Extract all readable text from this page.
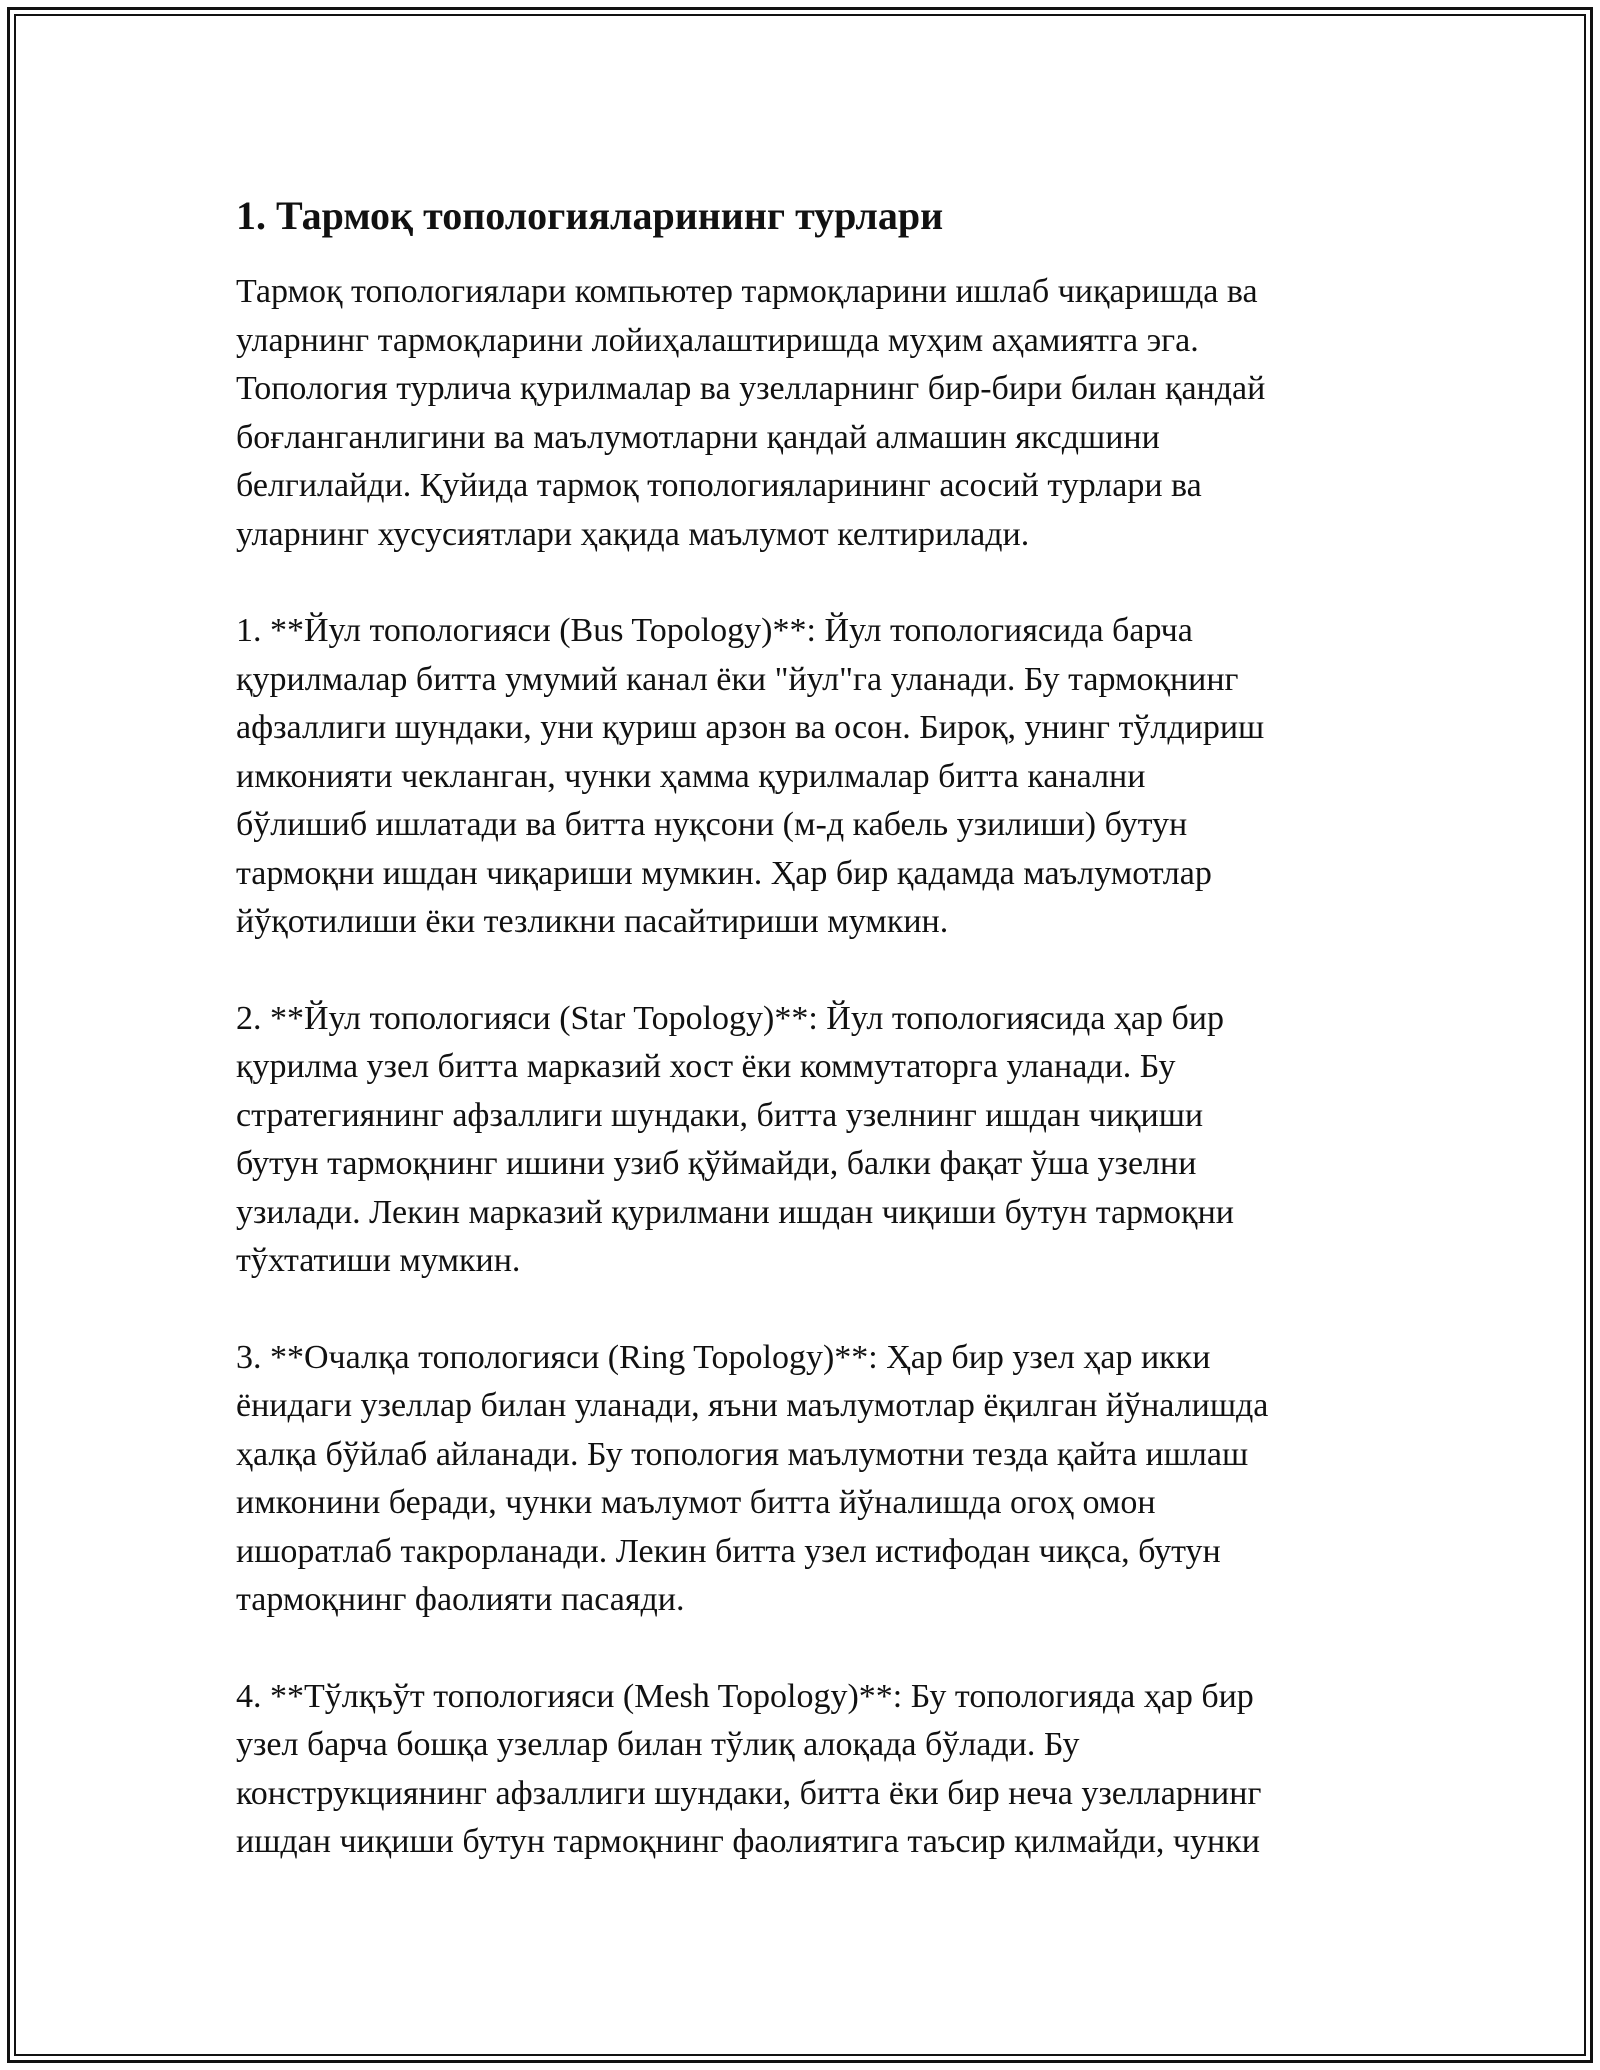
1. Тармоқ топологияларининг турлари

Тармоқ топологиялари компьютер тармоқларини ишлаб чиқаришда ва
уларнинг тармоқларини лойиҳалаштиришда муҳим аҳамиятга эга.
Топология турлича қурилмалар ва узелларнинг бир-бири билан қандай
боғланганлигини ва маълумотларни қандай алмашин яксдшини
белгилайди. Қуйида тармоқ топологияларининг асосий турлари ва
уларнинг хусусиятлари ҳақида маълумот келтирилади.

1. **Йул топологияси (Bus Topology)**: Йул топологиясида барча
қурилмалар битта умумий канал ёки "йул"га уланади. Бу тармоқнинг
афзаллиги шундаки, уни қуриш арзон ва осон. Бироқ, унинг тўлдириш
имконияти чекланган, чунки ҳамма қурилмалар битта канални
бўлишиб ишлатади ва битта нуқсони (м-д кабель узилиши) бутун
тармоқни ишдан чиқариши мумкин. Ҳар бир қадамда маълумотлар
йўқотилиши ёки тезликни пасайтириши мумкин.

2. **Йул топологияси (Star Topology)**: Йул топологиясида ҳар бир
қурилма узел битта марказий хост ёки коммутаторга уланади. Бу
стратегиянинг афзаллиги шундаки, битта узелнинг ишдан чиқиши
бутун тармоқнинг ишини узиб қўймайди, балки фақат ўша узелни
узилади. Лекин марказий қурилмани ишдан чиқиши бутун тармоқни
тўхтатиши мумкин.

3. **Очалқа топологияси (Ring Topology)**: Ҳар бир узел ҳар икки
ёнидаги узеллар билан уланади, яъни маълумотлар ёқилган йўналишда
ҳалқа бўйлаб айланади. Бу топология маълумотни тезда қайта ишлаш
имконини беради, чунки маълумот битта йўналишда огоҳ омон
ишоратлаб такрорланади. Лекин битта узел истифодан чиқса, бутун
тармоқнинг фаолияти пасаяди.

4. **Тўлқъўт топологияси (Mesh Topology)**: Бу топологияда ҳар бир
узел барча бошқа узеллар билан тўлиқ алоқада бўлади. Бу
конструкциянинг афзаллиги шундаки, битта ёки бир неча узелларнинг
ишдан чиқиши бутун тармоқнинг фаолиятига таъсир қилмайди, чунки
